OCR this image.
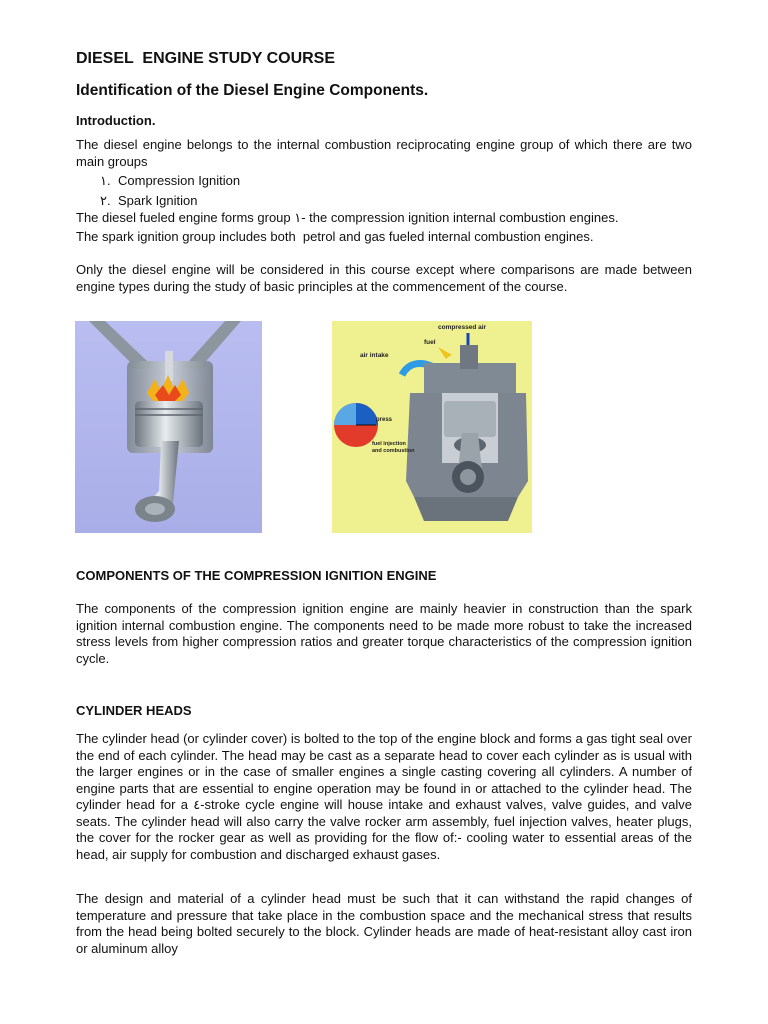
DIESEL  ENGINE STUDY COURSE
Identification of the Diesel Engine Components.
Introduction.
The diesel engine belongs to the internal combustion reciprocating engine group of which there are two main groups
١. Compression Ignition
٢. Spark Ignition
The diesel fueled engine forms group ١- the compression ignition internal combustion engines.
The spark ignition group includes both  petrol and gas fueled internal combustion engines.
Only the diesel engine will be considered in this course except where comparisons are made between engine types during the study of basic principles at the commencement of the course.
compressed air
fuel
air intake
press
fuel injection
and combustion
COMPONENTS OF THE COMPRESSION IGNITION ENGINE
The components of the compression ignition engine are mainly heavier in construction than the spark ignition internal combustion engine. The components need to be made more robust to take the increased stress levels from higher compression ratios and greater torque characteristics of the compression ignition cycle.
CYLINDER HEADS
The cylinder head (or cylinder cover) is bolted to the top of the engine block and forms a gas tight seal over the end of each cylinder. The head may be cast as a separate head to cover each cylinder as is usual with the larger engines or in the case of smaller engines a single casting covering all cylinders. A number of engine parts that are essential to engine operation may be found in or attached to the cylinder head. The cylinder head for a ٤-stroke cycle engine will house intake and exhaust valves, valve guides, and valve seats. The cylinder head will also carry the valve rocker arm assembly, fuel injection valves, heater plugs, the cover for the rocker gear as well as providing for the flow of:- cooling water to essential areas of the head, air supply for combustion and discharged exhaust gases.
The design and material of a cylinder head must be such that it can withstand the rapid changes of temperature and pressure that take place in the combustion space and the mechanical stress that results from the head being bolted securely to the block. Cylinder heads are made of heat-resistant alloy cast iron or aluminum alloy
